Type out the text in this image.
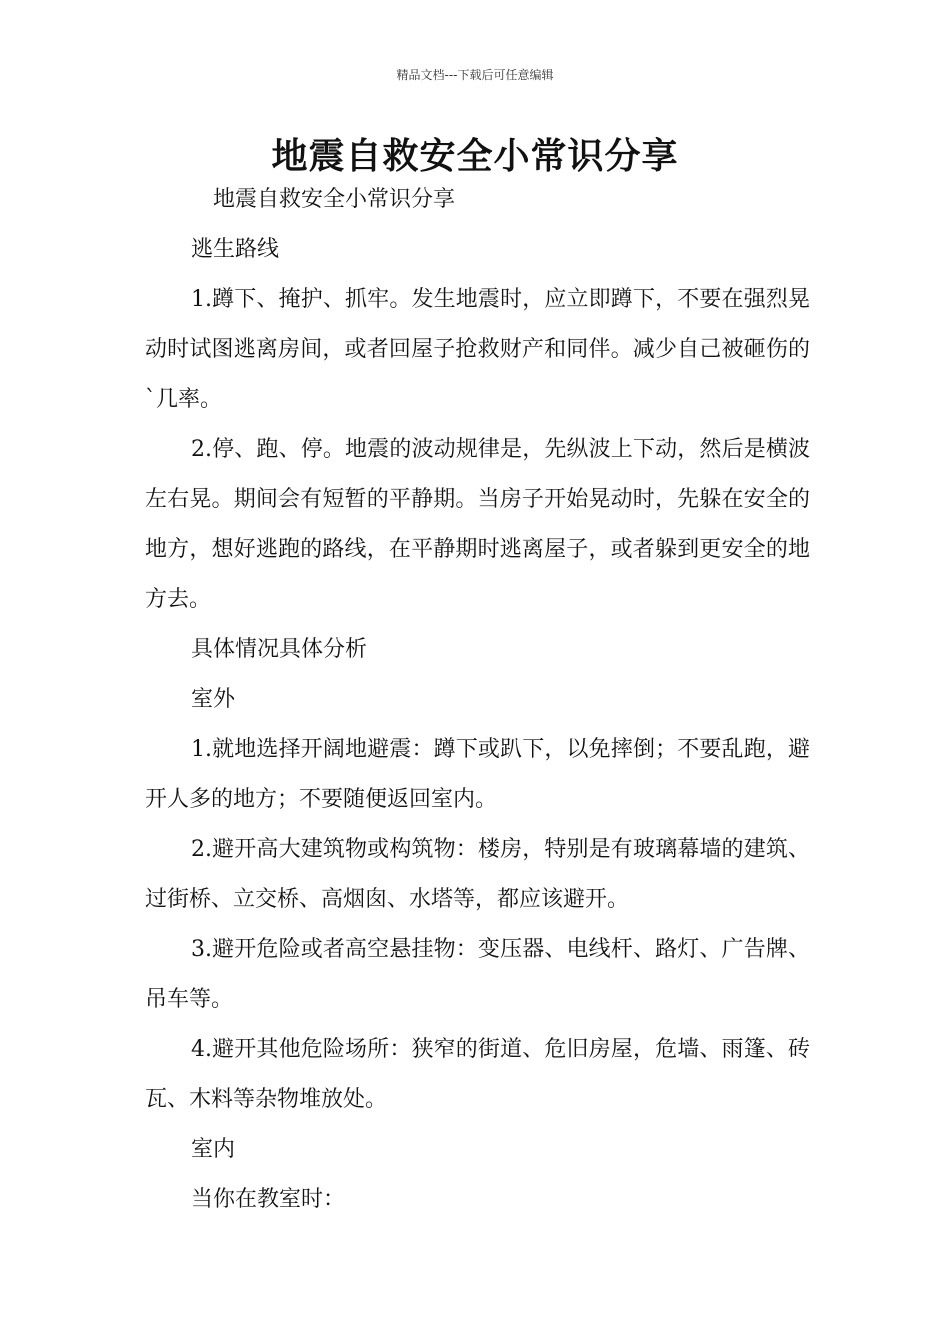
精品文档---下载后可任意编辑
地震自救安全小常识分享

地震自救安全小常识分享

逃生路线

1.蹲下、掩护、抓牢。发生地震时，应立即蹲下，不要在强烈晃动时试图逃离房间，或者回屋子抢救财产和同伴。减少自己被砸伤的`几率。

2.停、跑、停。地震的波动规律是，先纵波上下动，然后是横波左右晃。期间会有短暂的平静期。当房子开始晃动时，先躲在安全的地方，想好逃跑的路线，在平静期时逃离屋子，或者躲到更安全的地方去。

具体情况具体分析

室外

1.就地选择开阔地避震：蹲下或趴下，以免摔倒；不要乱跑，避开人多的地方；不要随便返回室内。

2.避开高大建筑物或构筑物：楼房，特别是有玻璃幕墙的建筑、过街桥、立交桥、高烟囱、水塔等，都应该避开。

3.避开危险或者高空悬挂物：变压器、电线杆、路灯、广告牌、吊车等。

4.避开其他危险场所：狭窄的街道、危旧房屋，危墙、雨篷、砖瓦、木料等杂物堆放处。

室内

当你在教室时：
